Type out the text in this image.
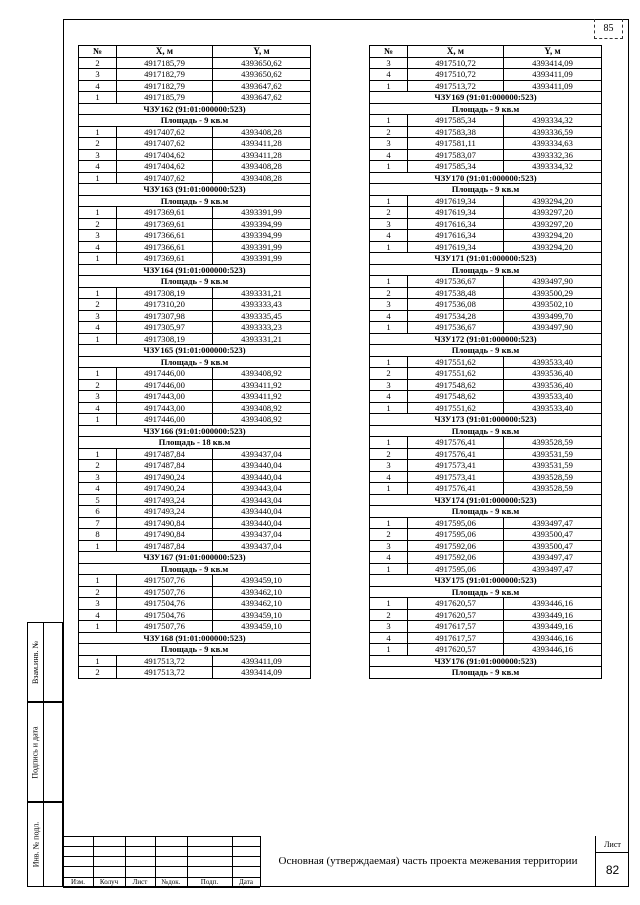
85
№	X, м	Y, м
2	4917185,79	4393650,62
3	4917182,79	4393650,62
4	4917182,79	4393647,62
1	4917185,79	4393647,62
ЧЗУ162 (91:01:000000:523)		
Площадь - 9 кв.м		
1	4917407,62	4393408,28
2	4917407,62	4393411,28
3	4917404,62	4393411,28
4	4917404,62	4393408,28
1	4917407,62	4393408,28
ЧЗУ163 (91:01:000000:523)		
Площадь - 9 кв.м		
1	4917369,61	4393391,99
2	4917369,61	4393394,99
3	4917366,61	4393394,99
4	4917366,61	4393391,99
1	4917369,61	4393391,99
ЧЗУ164 (91:01:000000:523)		
Площадь - 9 кв.м		
1	4917308,19	4393331,21
2	4917310,20	4393333,43
3	4917307,98	4393335,45
4	4917305,97	4393333,23
1	4917308,19	4393331,21
ЧЗУ165 (91:01:000000:523)		
Площадь - 9 кв.м		
1	4917446,00	4393408,92
2	4917446,00	4393411,92
3	4917443,00	4393411,92
4	4917443,00	4393408,92
1	4917446,00	4393408,92
ЧЗУ166 (91:01:000000:523)		
Площадь - 18 кв.м		
1	4917487,84	4393437,04
2	4917487,84	4393440,04
3	4917490,24	4393440,04
4	4917490,24	4393443,04
5	4917493,24	4393443,04
6	4917493,24	4393440,04
7	4917490,84	4393440,04
8	4917490,84	4393437,04
1	4917487,84	4393437,04
ЧЗУ167 (91:01:000000:523)		
Площадь - 9 кв.м		
1	4917507,76	4393459,10
2	4917507,76	4393462,10
3	4917504,76	4393462,10
4	4917504,76	4393459,10
1	4917507,76	4393459,10
ЧЗУ168 (91:01:000000:523)		
Площадь - 9 кв.м		
1	4917513,72	4393411,09
2	4917513,72	4393414,09
№	X, м	Y, м
3	4917510,72	4393414,09
4	4917510,72	4393411,09
1	4917513,72	4393411,09
ЧЗУ169 (91:01:000000:523)		
Площадь - 9 кв.м		
1	4917585,34	4393334,32
2	4917583,38	4393336,59
3	4917581,11	4393334,63
4	4917583,07	4393332,36
1	4917585,34	4393334,32
ЧЗУ170 (91:01:000000:523)		
Площадь - 9 кв.м		
1	4917619,34	4393294,20
2	4917619,34	4393297,20
3	4917616,34	4393297,20
4	4917616,34	4393294,20
1	4917619,34	4393294,20
ЧЗУ171 (91:01:000000:523)		
Площадь - 9 кв.м		
1	4917536,67	4393497,90
2	4917538,48	4393500,29
3	4917536,08	4393502,10
4	4917534,28	4393499,70
1	4917536,67	4393497,90
ЧЗУ172 (91:01:000000:523)		
Площадь - 9 кв.м		
1	4917551,62	4393533,40
2	4917551,62	4393536,40
3	4917548,62	4393536,40
4	4917548,62	4393533,40
1	4917551,62	4393533,40
ЧЗУ173 (91:01:000000:523)		
Площадь - 9 кв.м		
1	4917576,41	4393528,59
2	4917576,41	4393531,59
3	4917573,41	4393531,59
4	4917573,41	4393528,59
1	4917576,41	4393528,59
ЧЗУ174 (91:01:000000:523)		
Площадь - 9 кв.м		
1	4917595,06	4393497,47
2	4917595,06	4393500,47
3	4917592,06	4393500,47
4	4917592,06	4393497,47
1	4917595,06	4393497,47
ЧЗУ175 (91:01:000000:523)		
Площадь - 9 кв.м		
1	4917620,57	4393446,16
2	4917620,57	4393449,16
3	4917617,57	4393449,16
4	4917617,57	4393446,16
1	4917620,57	4393446,16
ЧЗУ176 (91:01:000000:523)		
Площадь - 9 кв.м		
Взам.инв. №
Подпись и дата
Инв. № подл.
Изм.	Колуч	Лист	№док.	Подп.	Дата
Основная (утверждаемая) часть проекта межевания территории
Лист
82
